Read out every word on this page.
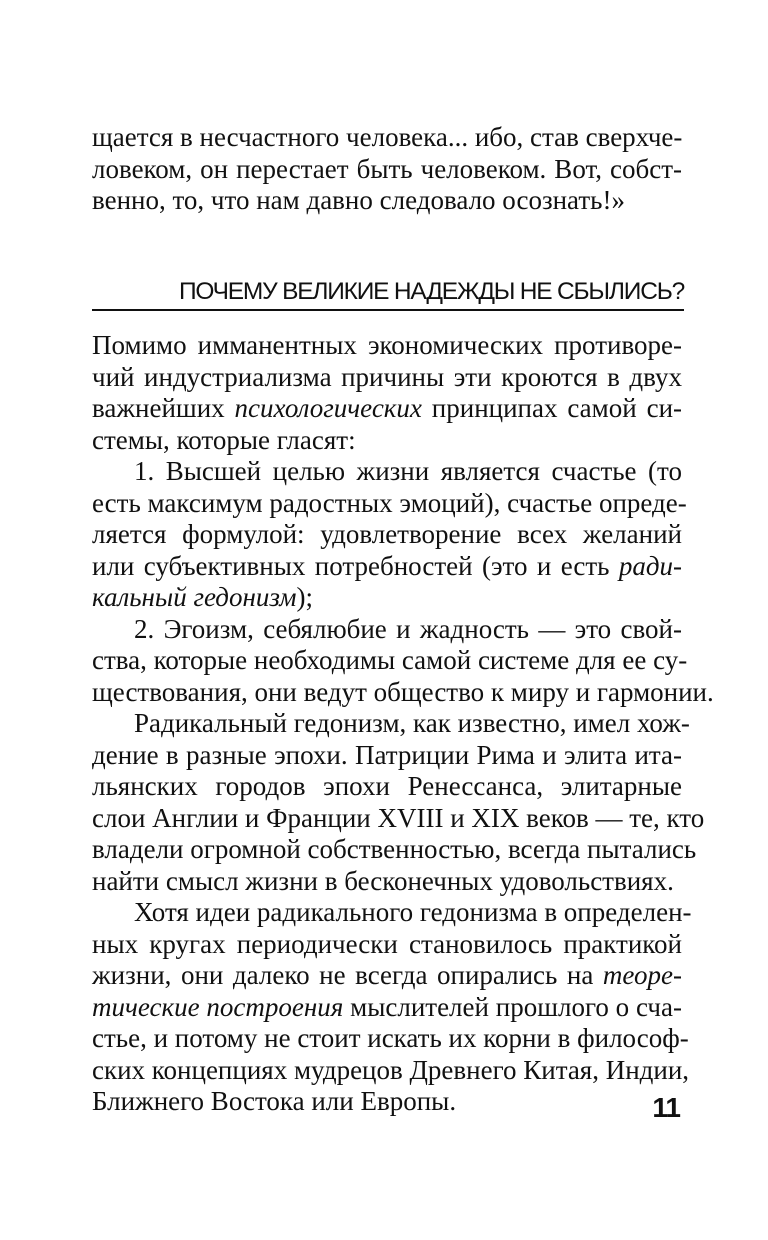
щается в несчастного человека... ибо, став сверхче-
ловеком, он перестает быть человеком. Вот, собст-
венно, то, что нам давно следовало осознать!»
ПОЧЕМУ ВЕЛИКИЕ НАДЕЖДЫ НЕ СБЫЛИСЬ?
Помимо имманентных экономических противоре-
чий индустриализма причины эти кроются в двух
важнейших психологических принципах самой си-
стемы, которые гласят:
1. Высшей целью жизни является счастье (то
есть максимум радостных эмоций), счастье опреде-
ляется формулой: удовлетворение всех желаний
или субъективных потребностей (это и есть ради-
кальный гедонизм);
2. Эгоизм, себялюбие и жадность — это свой-
ства, которые необходимы самой системе для ее су-
ществования, они ведут общество к миру и гармонии.
Радикальный гедонизм, как известно, имел хож-
дение в разные эпохи. Патриции Рима и элита ита-
льянских городов эпохи Ренессанса, элитарные
слои Англии и Франции XVIII и XIX веков — те, кто
владели огромной собственностью, всегда пытались
найти смысл жизни в бесконечных удовольствиях.
Хотя идеи радикального гедонизма в определен-
ных кругах периодически становилось практикой
жизни, они далеко не всегда опирались на теоре-
тические построения мыслителей прошлого о сча-
стье, и потому не стоит искать их корни в философ-
ских концепциях мудрецов Древнего Китая, Индии,
Ближнего Востока или Европы.	11
